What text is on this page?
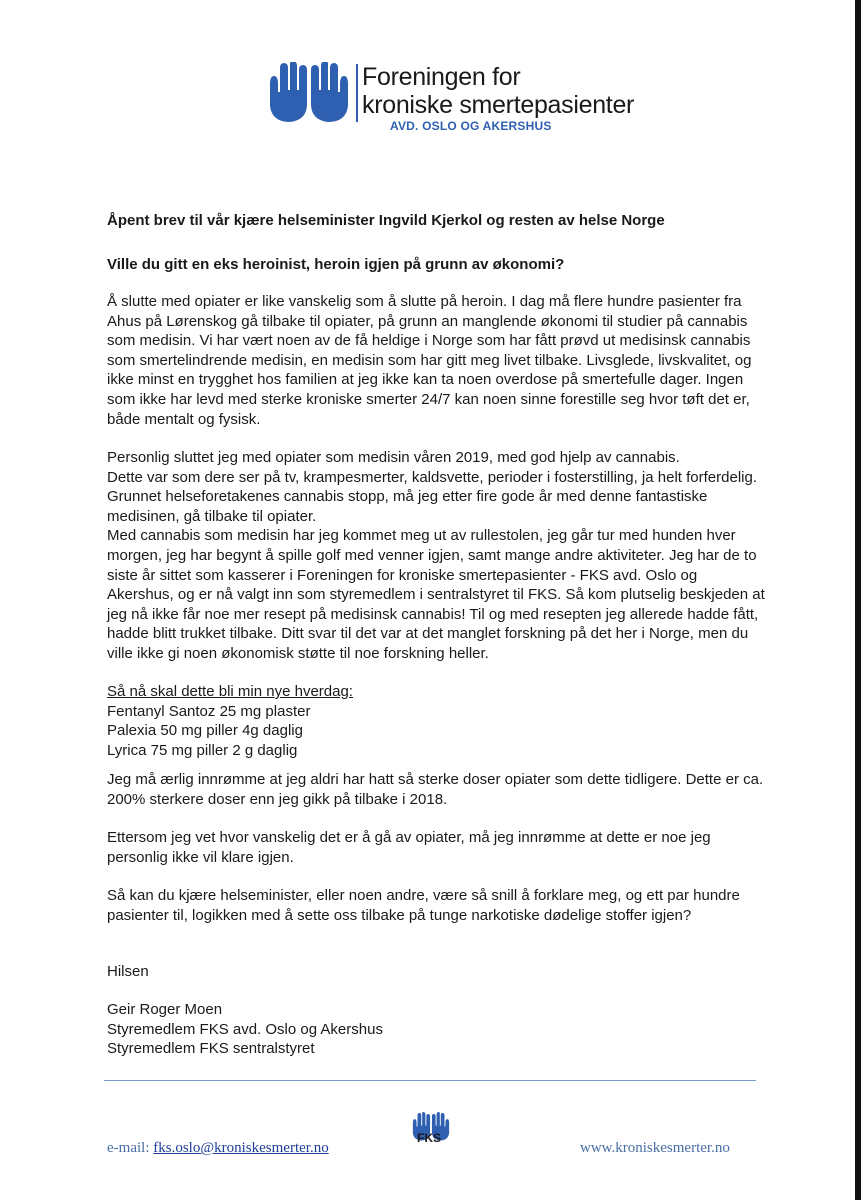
Foreningen for
kroniske smertepasienter
AVD. OSLO OG AKERSHUS
Åpent brev til vår kjære helseminister Ingvild Kjerkol og resten av helse Norge
Ville du gitt en eks heroinist, heroin igjen på grunn av økonomi?

Å slutte med opiater er like vanskelig som å slutte på heroin. I dag må flere hundre pasienter fra Ahus på Lørenskog gå tilbake til opiater, på grunn an manglende økonomi til studier på cannabis som medisin. Vi har vært noen av de få heldige i Norge som har fått prøvd ut medisinsk cannabis som smertelindrende medisin, en medisin som har gitt meg livet tilbake. Livsglede, livskvalitet, og ikke minst en trygghet hos familien at jeg ikke kan ta noen overdose på smertefulle dager. Ingen som ikke har levd med sterke kroniske smerter 24/7 kan noen sinne forestille seg hvor tøft det er, både mentalt og fysisk.

Personlig sluttet jeg med opiater som medisin våren 2019, med god hjelp av cannabis.

Dette var som dere ser på tv, krampesmerter, kaldsvette, perioder i fosterstilling, ja helt forferdelig.

Grunnet helseforetakenes cannabis stopp, må jeg etter fire gode år med denne fantastiske medisinen, gå tilbake til opiater.

Med cannabis som medisin har jeg kommet meg ut av rullestolen, jeg går tur med hunden hver morgen, jeg har begynt å spille golf med venner igjen, samt mange andre aktiviteter. Jeg har de to siste år sittet som kasserer i Foreningen for kroniske smertepasienter - FKS avd. Oslo og Akershus, og er nå valgt inn som styremedlem i sentralstyret til FKS. Så kom plutselig beskjeden at jeg nå ikke får noe mer resept på medisinsk cannabis! Til og med resepten jeg allerede hadde fått, hadde blitt trukket tilbake. Ditt svar til det var at det manglet forskning på det her i Norge, men du ville ikke gi noen økonomisk støtte til noe forskning heller.

Så nå skal dette bli min nye hverdag:

Fentanyl Santoz 25 mg plaster

Palexia 50 mg piller 4g daglig

Lyrica 75 mg piller 2 g daglig

Jeg må ærlig innrømme at jeg aldri har hatt så sterke doser opiater som dette tidligere. Dette er ca. 200% sterkere doser enn jeg gikk på tilbake i 2018.

Ettersom jeg vet hvor vanskelig det er å gå av opiater, må jeg innrømme at dette er noe jeg personlig ikke vil klare igjen.

Så kan du kjære helseminister, eller noen andre, være så snill å forklare meg, og ett par hundre pasienter til, logikken med å sette oss tilbake på tunge narkotiske dødelige stoffer igjen?

Hilsen

Geir Roger Moen

Styremedlem FKS avd. Oslo og Akershus

Styremedlem FKS sentralstyret

FKS
e-mail: fks.oslo@kroniskesmerter.no	www.kroniskesmerter.no
